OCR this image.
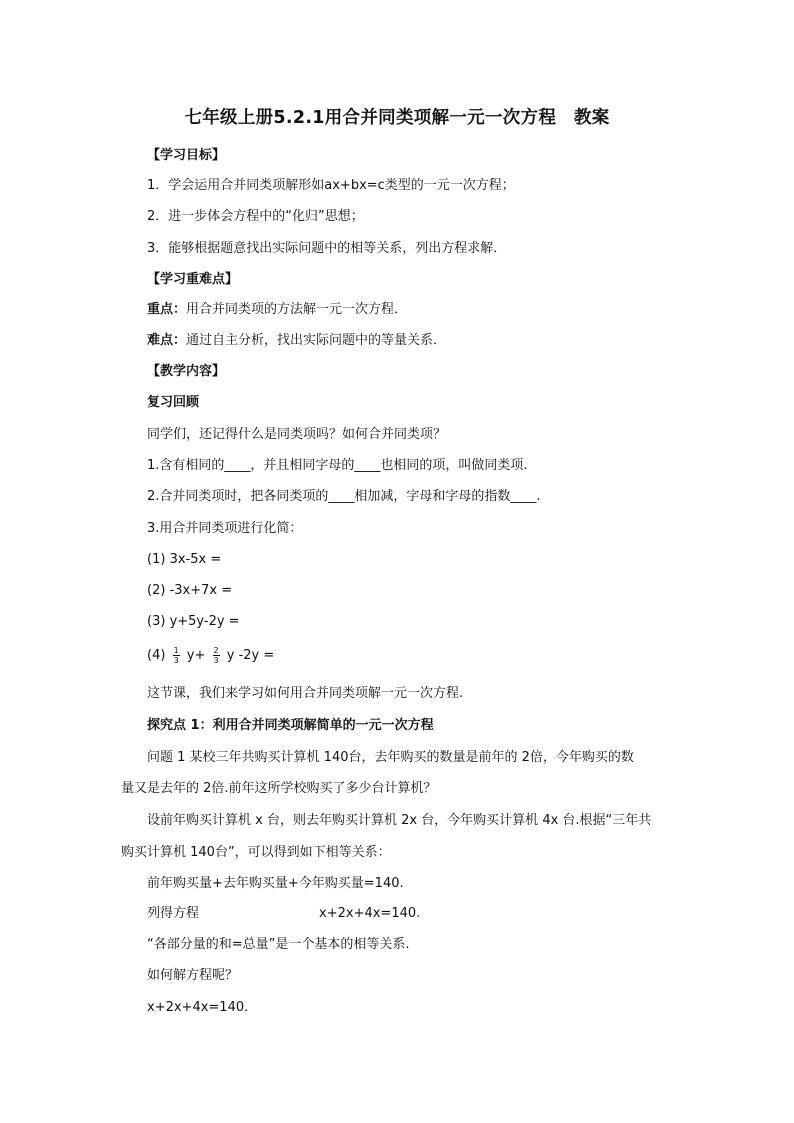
七年级上册5.2.1用合并同类项解一元一次方程　教案
【学习目标】
1．学会运用合并同类项解形如ax+bx=c类型的一元一次方程；
2．进一步体会方程中的“化归”思想；
3．能够根据题意找出实际问题中的相等关系，列出方程求解．
【学习重难点】
重点：用合并同类项的方法解一元一次方程．
难点：通过自主分析，找出实际问题中的等量关系．
【教学内容】
复习回顾
同学们，还记得什么是同类项吗？如何合并同类项？
1.含有相同的____，并且相同字母的____也相同的项，叫做同类项.
2.合并同类项时，把各同类项的____相加减，字母和字母的指数____.
3.用合并同类项进行化简：
(1) 3x-5x =
(2) -3x+7x =
(3) y+5y-2y =
$(4) \frac{1}{3} y+ \frac{2}{3}$ y -2y =
这节课，我们来学习如何用合并同类项解一元一次方程.
探究点 1：利用合并同类项解简单的一元一次方程
问题 1 某校三年共购买计算机 140台，去年购买的数量是前年的 2倍，今年购买的数
量又是去年的 2倍.前年这所学校购买了多少台计算机？
设前年购买计算机 x 台，则去年购买计算机 2x 台，今年购买计算机 4x 台.根据“三年共
购买计算机 140台”，可以得到如下相等关系：
前年购买量+去年购买量+今年购买量=140.
列得方程	x+2x+4x=140.
“各部分量的和=总量”是一个基本的相等关系.
如何解方程呢？
x+2x+4x=140.
